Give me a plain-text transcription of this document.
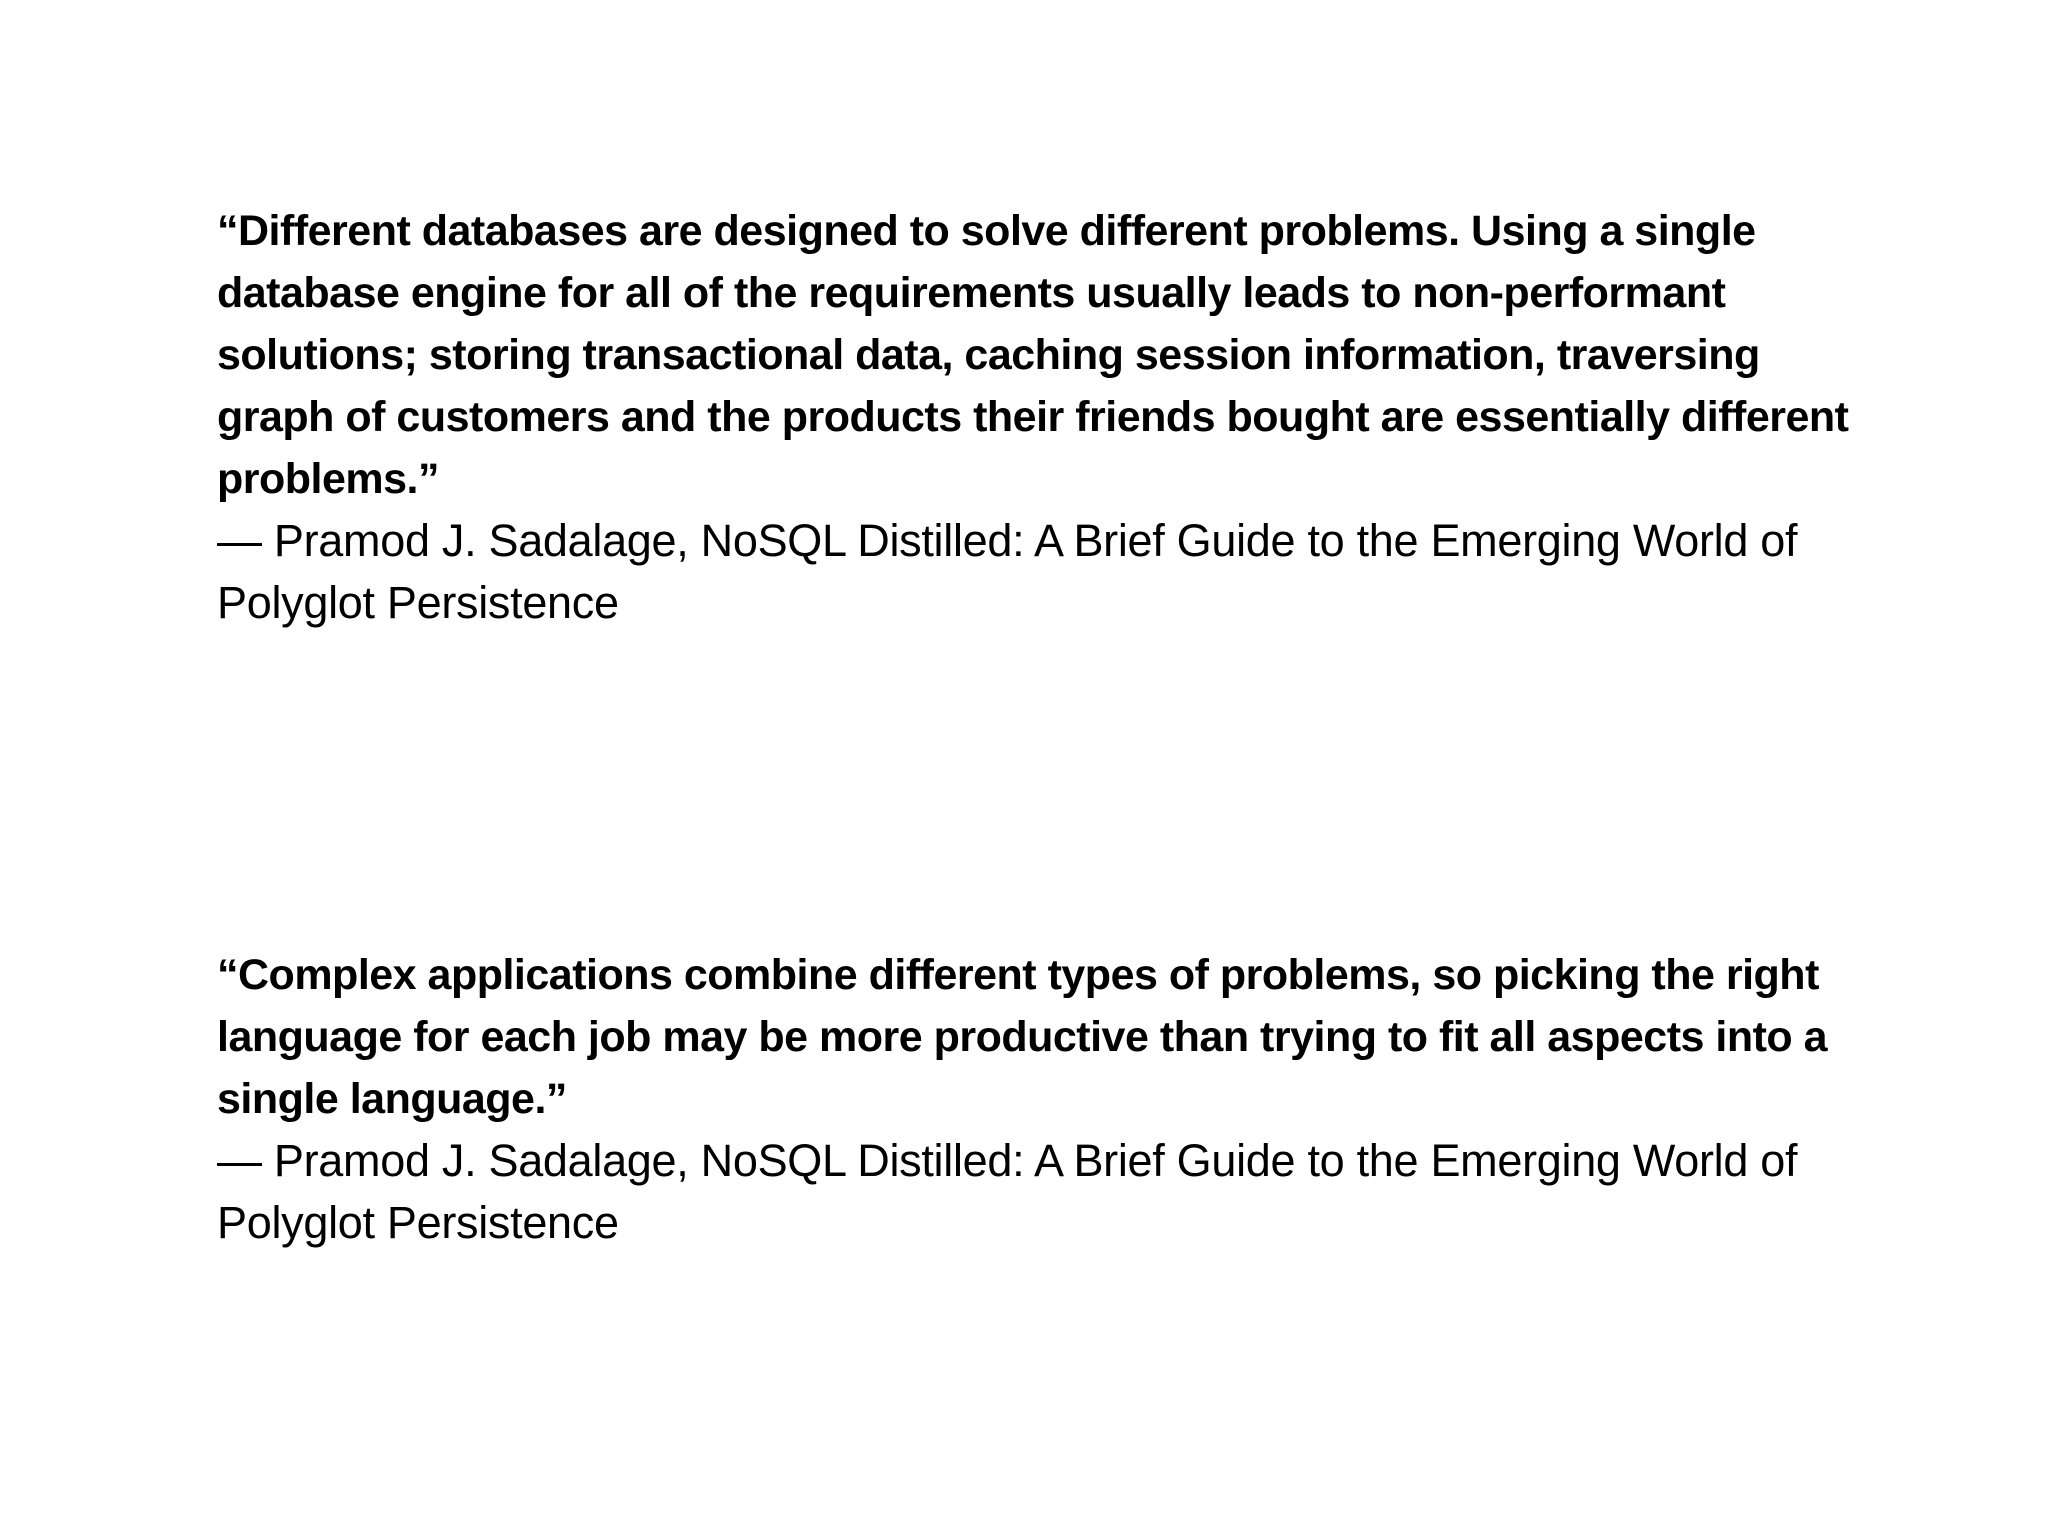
“Different databases are designed to solve different problems. Using a single database engine for all of the requirements usually leads to non-performant solutions; storing transactional data, caching session information, traversing graph of customers and the products their friends bought are essentially different problems.”

— Pramod J. Sadalage, NoSQL Distilled: A Brief Guide to the Emerging World of Polyglot Persistence

“Complex applications combine different types of problems, so picking the right language for each job may be more productive than trying to fit all aspects into a single language.”

— Pramod J. Sadalage, NoSQL Distilled: A Brief Guide to the Emerging World of Polyglot Persistence
